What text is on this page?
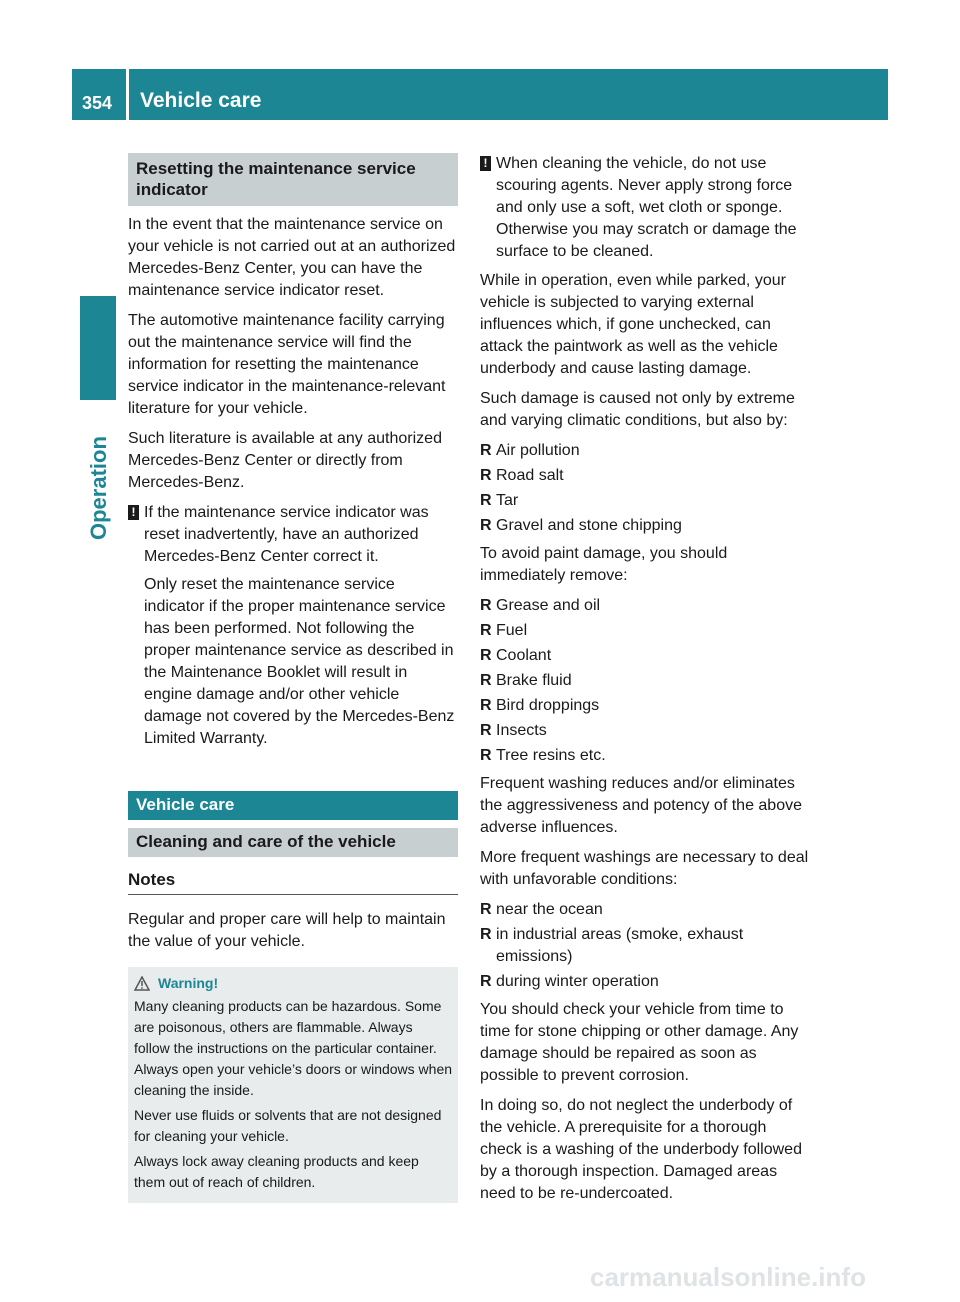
354 Vehicle care
Operation
Resetting the maintenance service indicator

In the event that the maintenance service on your vehicle is not carried out at an authorized Mercedes-Benz Center, you can have the maintenance service indicator reset.

The automotive maintenance facility carrying out the maintenance service will find the information for resetting the maintenance service indicator in the maintenance-relevant literature for your vehicle.

Such literature is available at any authorized Mercedes-Benz Center or directly from Mercedes-Benz.

! If the maintenance service indicator was reset inadvertently, have an authorized Mercedes-Benz Center correct it.
Only reset the maintenance service indicator if the proper maintenance service has been performed. Not following the proper maintenance service as described in the Maintenance Booklet will result in engine damage and/or other vehicle damage not covered by the Mercedes-Benz Limited Warranty.
Vehicle care
Cleaning and care of the vehicle
Notes

Regular and proper care will help to maintain the value of your vehicle.

Warning!

Many cleaning products can be hazardous. Some are poisonous, others are flammable. Always follow the instructions on the particular container. Always open your vehicle’s doors or windows when cleaning the inside.

Never use fluids or solvents that are not designed for cleaning your vehicle.

Always lock away cleaning products and keep them out of reach of children.

! When cleaning the vehicle, do not use scouring agents. Never apply strong force and only use a soft, wet cloth or sponge. Otherwise you may scratch or damage the surface to be cleaned.

While in operation, even while parked, your vehicle is subjected to varying external influences which, if gone unchecked, can attack the paintwork as well as the vehicle underbody and cause lasting damage.

Such damage is caused not only by extreme and varying climatic conditions, but also by:

R Air pollution
R Road salt
R Tar
R Gravel and stone chipping

To avoid paint damage, you should immediately remove:

R Grease and oil
R Fuel
R Coolant
R Brake fluid
R Bird droppings
R Insects
R Tree resins etc.

Frequent washing reduces and/or eliminates the aggressiveness and potency of the above adverse influences.

More frequent washings are necessary to deal with unfavorable conditions:

R near the ocean
R in industrial areas (smoke, exhaust emissions)
R during winter operation

You should check your vehicle from time to time for stone chipping or other damage. Any damage should be repaired as soon as possible to prevent corrosion.

In doing so, do not neglect the underbody of the vehicle. A prerequisite for a thorough check is a washing of the underbody followed by a thorough inspection. Damaged areas need to be re-undercoated.

carmanualsonline.info
